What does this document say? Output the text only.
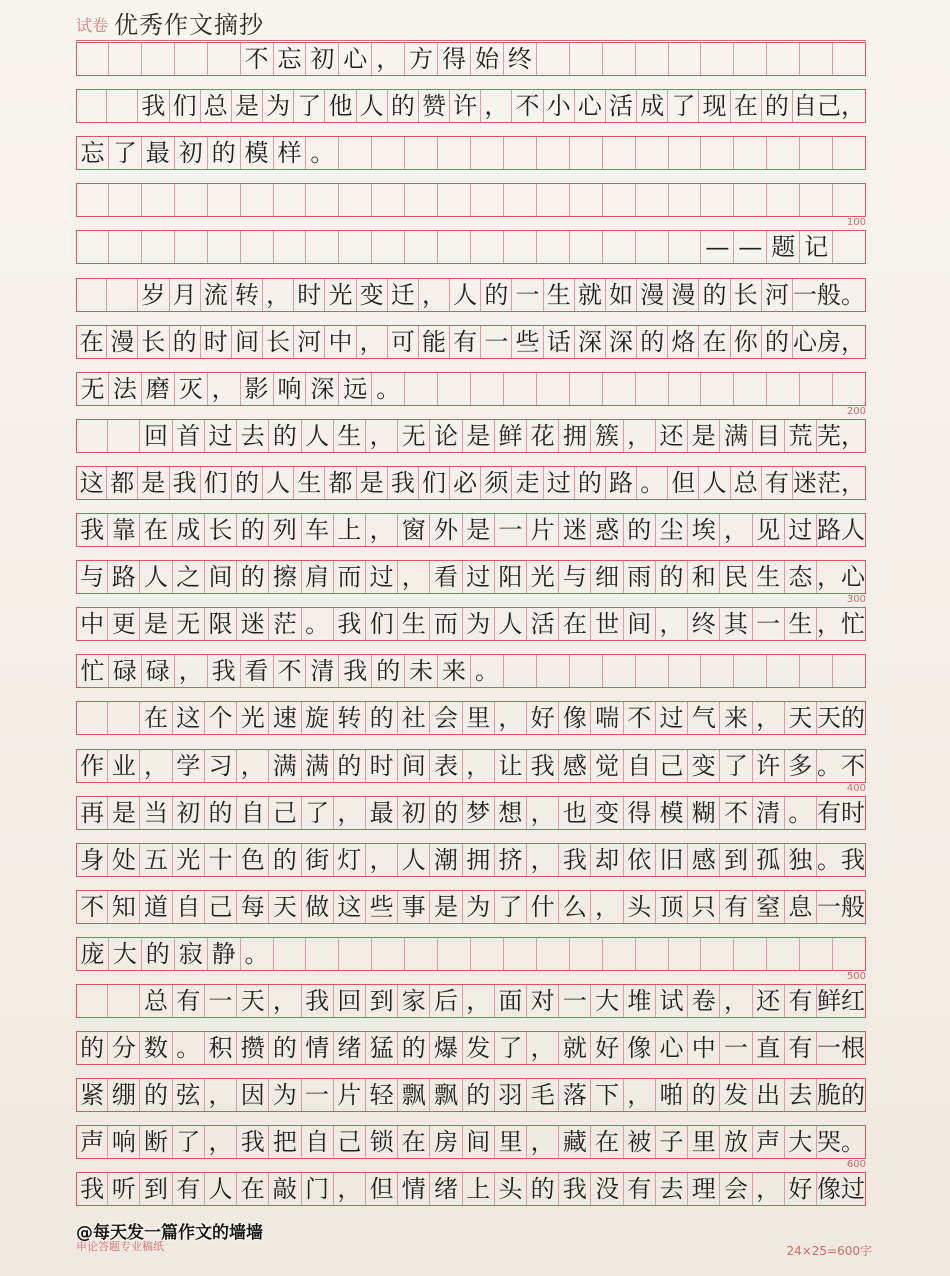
试卷 优秀作文摘抄
不 忘 初 心 ， 方 得 始 终
我 们 总 是 为 了 他 人 的 赞 许 ， 不 小 心 活 成 了 现 在 的 自己，
忘 了 最 初 的 模 样 。
— — 题 记
岁 月 流 转 ， 时 光 变 迁 ， 人 的 一 生 就 如 漫 漫 的 长 河 一般。
在 漫 长 的 时 间 长 河 中 ， 可 能 有 一 些 话 深 深 的 烙 在 你 的 心房，
无 法 磨 灭 ， 影 响 深 远 。
回 首 过 去 的 人 生 ， 无 论 是 鲜 花 拥 簇 ， 还 是 满 目 荒 芜，
这 都 是 我 们 的 人 生 都 是 我 们 必 须 走 过 的 路 。 但 人 总 有 迷茫，
我 靠 在 成 长 的 列 车 上 ， 窗 外 是 一 片 迷 惑 的 尘 埃 ， 见 过 路人
与 路 人 之 间 的 擦 肩 而 过 ， 看 过 阳 光 与 细 雨 的 和 民 生 态 ，心
中 更 是 无 限 迷 茫 。 我 们 生 而 为 人 活 在 世 间 ， 终 其 一 生 ，忙
忙 碌 碌 ， 我 看 不 清 我 的 未 来 。
在 这 个 光 速 旋 转 的 社 会 里 ， 好 像 喘 不 过 气 来 ， 天 天的
作 业 ， 学 习 ， 满 满 的 时 间 表 ， 让 我 感 觉 自 己 变 了 许 多 。不
再 是 当 初 的 自 己 了 ， 最 初 的 梦 想 ， 也 变 得 模 糊 不 清 。 有时
身 处 五 光 十 色 的 街 灯 ， 人 潮 拥 挤 ， 我 却 依 旧 感 到 孤 独 。我
不 知 道 自 己 每 天 做 这 些 事 是 为 了 什 么 ， 头 顶 只 有 窒 息 一般
庞 大 的 寂 静 。
总 有 一 天 ， 我 回 到 家 后 ， 面 对 一 大 堆 试 卷 ， 还 有 鲜红
的 分 数 。 积 攒 的 情 绪 猛 的 爆 发 了 ， 就 好 像 心 中 一 直 有 一根
紧 绷 的 弦 ， 因 为 一 片 轻 飘 飘 的 羽 毛 落 下 ， 啪 的 发 出 去 脆的
声 响 断 了 ， 我 把 自 己 锁 在 房 间 里 ， 藏 在 被 子 里 放 声 大 哭。
我 听 到 有 人 在 敲 门 ， 但 情 绪 上 头 的 我 没 有 去 理 会 ， 好 像过
100
200
300
400
500
600
申论答题专业稿纸	24×25=600字
@每天发一篇作文的墙墙
